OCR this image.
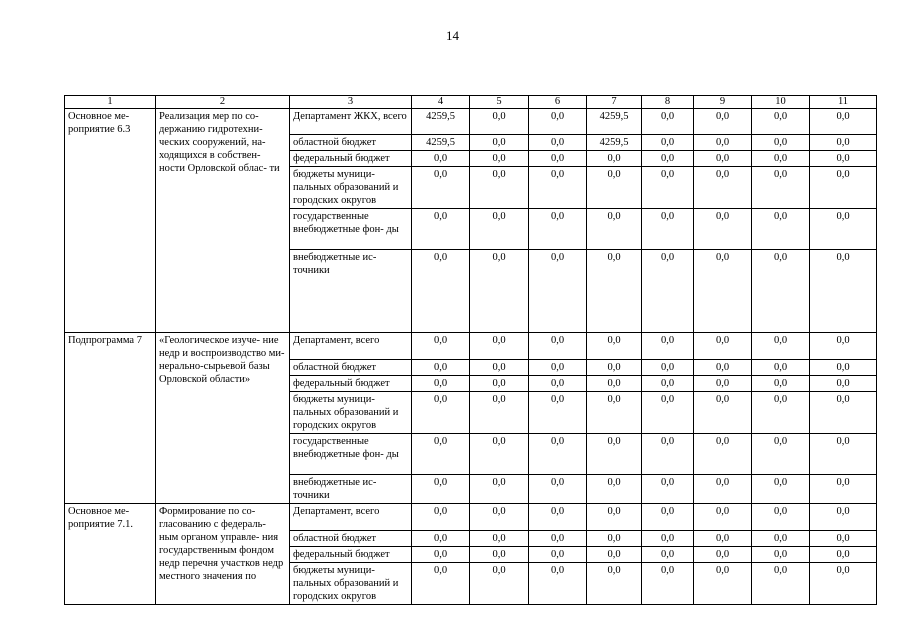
14
1	2	3	4	5	6	7	8	9	10	11
Основное ме- роприятие 6.3	Реализация мер по со- держанию гидротехни- ческих сооружений, на- ходящихся в собствен- ности Орловской облас- ти	Департамент ЖКХ, всего	4259,5	0,0	0,0	4259,5	0,0	0,0	0,0	0,0
		областной бюджет	4259,5	0,0	0,0	4259,5	0,0	0,0	0,0	0,0
		федеральный бюджет	0,0	0,0	0,0	0,0	0,0	0,0	0,0	0,0
		бюджеты муници- пальных образований и городских округов	0,0	0,0	0,0	0,0	0,0	0,0	0,0	0,0
		государственные внебюджетные фон- ды	0,0	0,0	0,0	0,0	0,0	0,0	0,0	0,0
		внебюджетные ис- точники	0,0	0,0	0,0	0,0	0,0	0,0	0,0	0,0
Подпрограмма 7	«Геологическое изуче- ние недр и воспроизводство ми- нерально-сырьевой базы Орловской области»	Департамент, всего	0,0	0,0	0,0	0,0	0,0	0,0	0,0	0,0
		областной бюджет	0,0	0,0	0,0	0,0	0,0	0,0	0,0	0,0
		федеральный бюджет	0,0	0,0	0,0	0,0	0,0	0,0	0,0	0,0
		бюджеты муници- пальных образований и городских округов	0,0	0,0	0,0	0,0	0,0	0,0	0,0	0,0
		государственные внебюджетные фон- ды	0,0	0,0	0,0	0,0	0,0	0,0	0,0	0,0
		внебюджетные ис- точники	0,0	0,0	0,0	0,0	0,0	0,0	0,0	0,0
Основное ме- роприятие 7.1.	Формирование по со- гласованию с федераль- ным органом управле- ния государственным фондом недр перечня участков недр местного значения по	Департамент, всего	0,0	0,0	0,0	0,0	0,0	0,0	0,0	0,0
		областной бюджет	0,0	0,0	0,0	0,0	0,0	0,0	0,0	0,0
		федеральный бюджет	0,0	0,0	0,0	0,0	0,0	0,0	0,0	0,0
		бюджеты муници- пальных образований и городских округов	0,0	0,0	0,0	0,0	0,0	0,0	0,0	0,0
